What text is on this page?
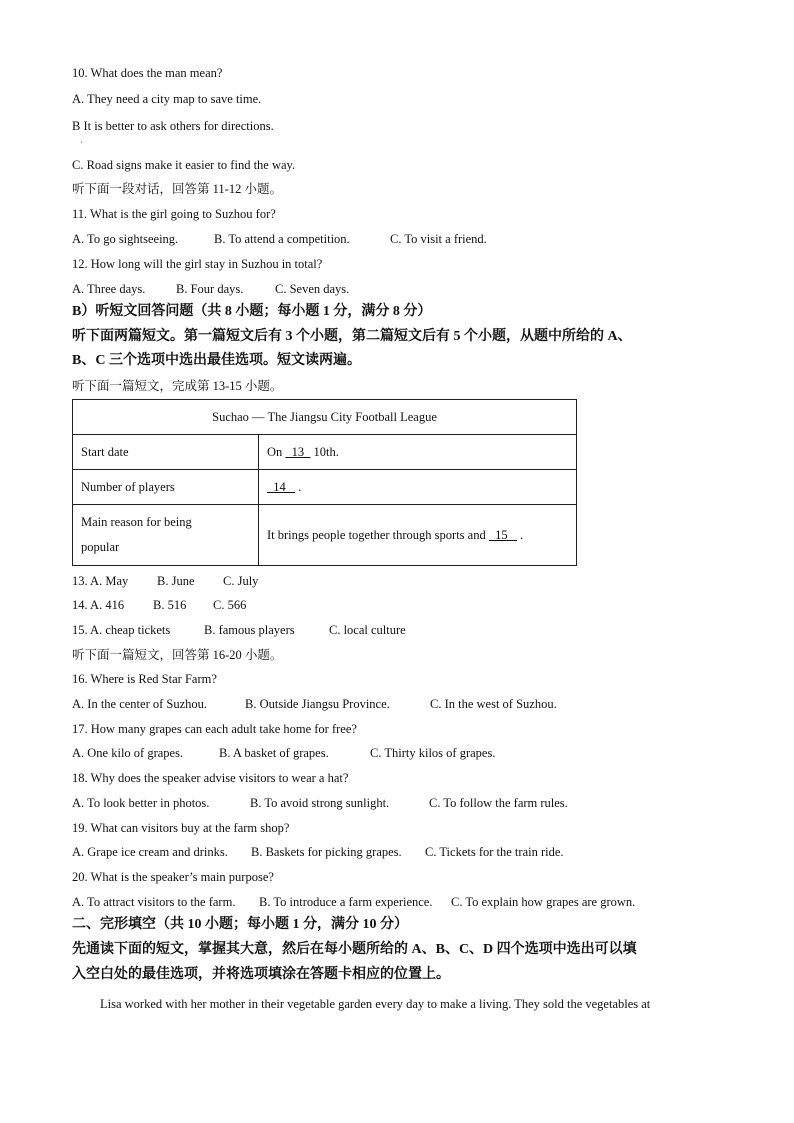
10. What does the man mean?
A. They need a city map to save time.
B It is better to ask others for directions.
·
C. Road signs make it easier to find the way.
听下面一段对话，回答第 11-12 小题。
11. What is the girl going to Suzhou for?
A. To go sightseeing.	B. To attend a competition.	C. To visit a friend.
12. How long will the girl stay in Suzhou in total?
A. Three days. B. Four days.	C. Seven days.
B）听短文回答问题（共 8 小题；每小题 1 分，满分 8 分）
听下面两篇短文。第一篇短文后有 3 个小题，第二篇短文后有 5 个小题，从题中所给的 A、
B、C 三个选项中选出最佳选项。短文读两遍。
听下面一篇短文，完成第 13-15 小题。
Suchao — The Jiangsu City Football League	
Start date	On   13   10th.
Number of players	14    .
Main reason for being
popular	It brings people together through sports and   15    .
13. A. May B. June C. July
14. A. 416 B. 516 C. 566
15. A. cheap tickets	B. famous players	C. local culture
听下面一篇短文，回答第 16-20 小题。
16. Where is Red Star Farm?
A. In the center of Suzhou.	B. Outside Jiangsu Province.	C. In the west of Suzhou.
17. How many grapes can each adult take home for free?
A. One kilo of grapes.	B. A basket of grapes.	C. Thirty kilos of grapes.
18. Why does the speaker advise visitors to wear a hat?
A. To look better in photos.	B. To avoid strong sunlight.	C. To follow the farm rules.
19. What can visitors buy at the farm shop?
A. Grape ice cream and drinks. B. Baskets for picking grapes. C. Tickets for the train ride.
20. What is the speaker’s main purpose?
A. To attract visitors to the farm. B. To introduce a farm experience. C. To explain how grapes are grown.
二、完形填空（共 10 小题；每小题 1 分，满分 10 分）
先通读下面的短文，掌握其大意，然后在每小题所给的 A、B、C、D 四个选项中选出可以填
入空白处的最佳选项，并将选项填涂在答题卡相应的位置上。
Lisa worked with her mother in their vegetable garden every day to make a living. They sold the vegetables at
